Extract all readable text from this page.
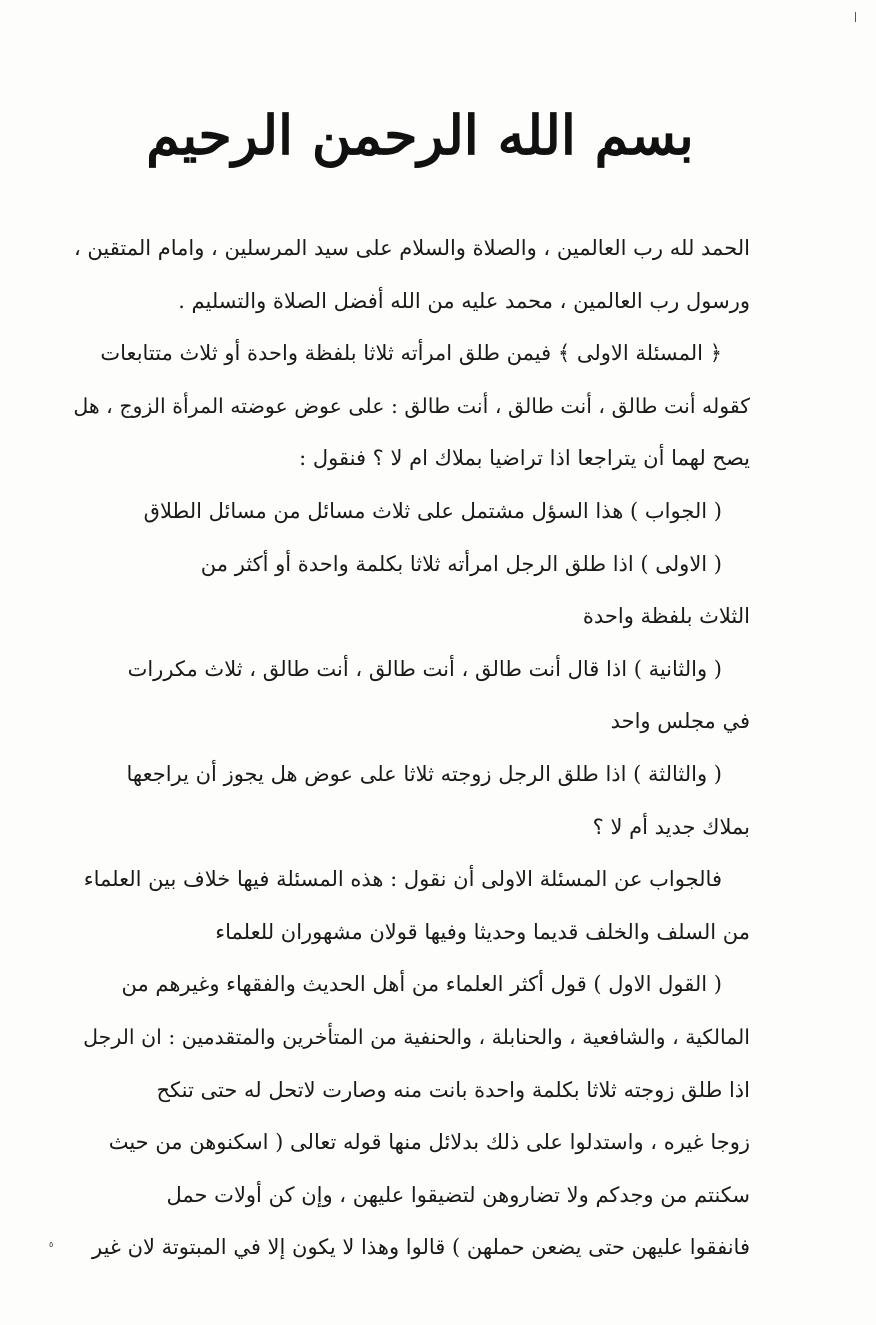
بسم الله الرحمن الرحيم
الحمد لله رب العالمين ، والصلاة والسلام على سيد المرسلين ، وامام المتقين ،
ورسول رب العالمين ، محمد عليه من الله أفضل الصلاة والتسليم .
﴿ المسئلة الاولى ﴾ فيمن طلق امرأته ثلاثا بلفظة واحدة أو ثلاث متتابعات
كقوله أنت طالق ، أنت طالق ، أنت طالق : على عوض عوضته المرأة الزوج ، هل
يصح لهما أن يتراجعا اذا تراضيا بملاك ام لا ؟ فنقول :
( الجواب ) هذا السؤل مشتمل على ثلاث مسائل من مسائل الطلاق
( الاولى ) اذا طلق الرجل امرأته ثلاثا بكلمة واحدة أو أكثر من
الثلاث بلفظة واحدة
( والثانية ) اذا قال أنت طالق ، أنت طالق ، أنت طالق ، ثلاث مكررات
في مجلس واحد
( والثالثة ) اذا طلق الرجل زوجته ثلاثا على عوض هل يجوز أن يراجعها
بملاك جديد أم لا ؟
فالجواب عن المسئلة الاولى أن نقول : هذه المسئلة فيها خلاف بين العلماء
من السلف والخلف قديما وحديثا وفيها قولان مشهوران للعلماء
( القول الاول ) قول أكثر العلماء من أهل الحديث والفقهاء وغيرهم من
المالكية ، والشافعية ، والحنابلة ، والحنفية من المتأخرين والمتقدمين : ان الرجل
اذا طلق زوجته ثلاثا بكلمة واحدة بانت منه وصارت لاتحل له حتى تنكح
زوجا غيره ، واستدلوا على ذلك بدلائل منها قوله تعالى ( اسكنوهن من حيث
سكنتم من وجدكم ولا تضاروهن لتضيقوا عليهن ، وإن كن أولات حمل
فانفقوا عليهن حتى يضعن حملهن ) قالوا وهذا لا يكون إلا في المبتوتة لان غير
٥
